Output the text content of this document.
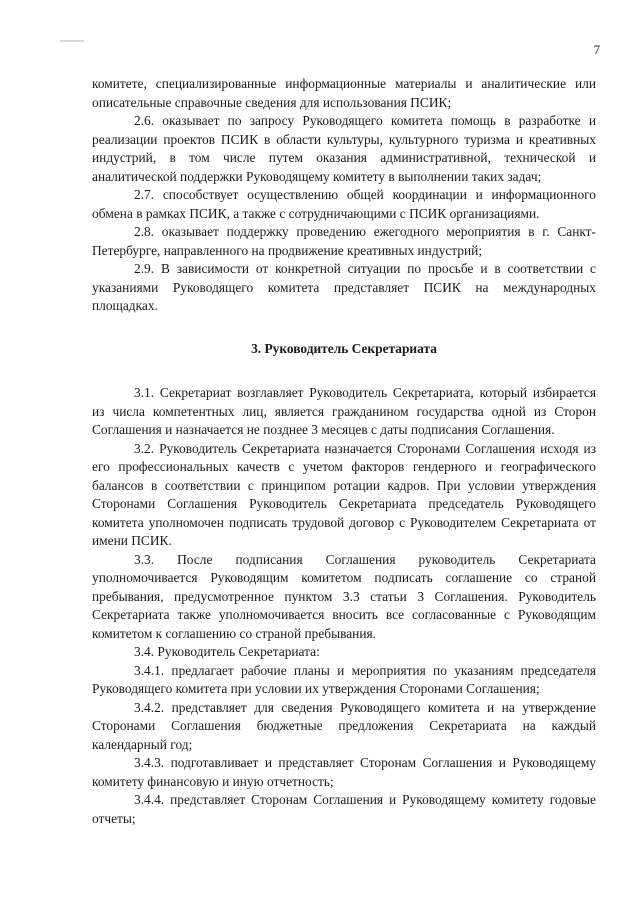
7

комитете, специализированные информационные материалы и аналитические или описательные справочные сведения для использования ПСИК;

2.6. оказывает по запросу Руководящего комитета помощь в разработке и реализации проектов ПСИК в области культуры, культурного туризма и креативных индустрий, в том числе путем оказания административной, технической и аналитической поддержки Руководящему комитету в выполнении таких задач;

2.7. способствует осуществлению общей координации и информационного обмена в рамках ПСИК, а также с сотрудничающими с ПСИК организациями.

2.8. оказывает поддержку проведению ежегодного мероприятия в г. Санкт-Петербурге, направленного на продвижение креативных индустрий;

2.9. В зависимости от конкретной ситуации по просьбе и в соответствии с указаниями Руководящего комитета представляет ПСИК на международных площадках.

3. Руководитель Секретариата

3.1. Секретариат возглавляет Руководитель Секретариата, который избирается из числа компетентных лиц, является гражданином государства одной из Сторон Соглашения и назначается не позднее 3 месяцев с даты подписания Соглашения.

3.2. Руководитель Секретариата назначается Сторонами Соглашения исходя из его профессиональных качеств с учетом факторов гендерного и географического балансов в соответствии с принципом ротации кадров. При условии утверждения Сторонами Соглашения Руководитель Секретариата председатель Руководящего комитета уполномочен подписать трудовой договор с Руководителем Секретариата от имени ПСИК.

3.3. После подписания Соглашения руководитель Секретариата уполномочивается Руководящим комитетом подписать соглашение со страной пребывания, предусмотренное пунктом 3.3 статьи 3 Соглашения. Руководитель Секретариата также уполномочивается вносить все согласованные с Руководящим комитетом к соглашению со страной пребывания.

3.4. Руководитель Секретариата:

3.4.1. предлагает рабочие планы и мероприятия по указаниям председателя Руководящего комитета при условии их утверждения Сторонами Соглашения;

3.4.2. представляет для сведения Руководящего комитета и на утверждение Сторонами Соглашения бюджетные предложения Секретариата на каждый календарный год;

3.4.3. подготавливает и представляет Сторонам Соглашения и Руководящему комитету финансовую и иную отчетность;

3.4.4. представляет Сторонам Соглашения и Руководящему комитету годовые отчеты;
